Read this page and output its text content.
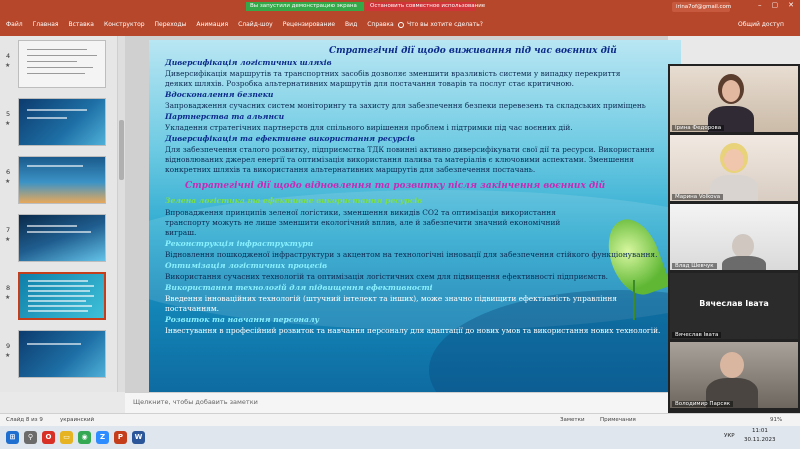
Вы запустили демонстрацию экрана	Остановить совместное использование	irina7of@gmail.com	– ▢ ✕
Файл Главная Вставка Конструктор Переходы Анимация Слайд-шоу Рецензирование Вид Справка Что вы хотите сделать?	Общий доступ
4
★
5
★
6
★
7
★
8
★
9
★
Стратегічні дії щодо виживання під час воєнних дій
Диверсифікація логістичних шляхів
Диверсифікація маршрутів та транспортних засобів дозволяє зменшити вразливість системи у випадку перекриття
деяких шляхів. Розробка альтернативних маршрутів для постачання товарів та послуг стає критичною.
Вдосконалення безпеки
Запровадження сучасних систем моніторингу та захисту для забезпечення безпеки перевезень та складських приміщень
Партнерства та альянси
Укладення стратегічних партнерств для спільного вирішення проблем і підтримки під час воєнних дій.
Диверсифікація та ефективне використання ресурсів
Для забезпечення сталого розвитку, підприємства ТДК повинні активно диверсифікувати свої дії та ресурси. Використання
відновлюваних джерел енергії та оптимізація використання палива та матеріалів є ключовими аспектами. Зменшення
конкретних шляхів та використання альтернативних маршрутів для забезпечення постачань.
Стратегічні дії щодо відновлення та розвитку після закінчення воєнних дій
Зелена логістика та ефективне використання ресурсів
Впровадження принципів зеленої логістики, зменшення викидів CO2 та оптимізація використання
транспорту можуть не лише зменшити екологічний вплив, але й забезпечити значний економічний
виграш.
Реконструкція інфраструктури
Відновлення пошкодженої інфраструктури з акцентом на технологічні інновації для забезпечення стійкого функціонування.
Оптимізація логістичних процесів
Використання сучасних технологій та оптимізація логістичних схем для підвищення ефективності підприємств.
Використання технологій для підвищення ефективності
Введення інноваційних технологій (штучний інтелект та інших), може значно підвищити ефективність управління
постачанням.
Розвиток та навчання персоналу
Інвестування в професійний розвиток та навчання персоналу для адаптації до нових умов та використання нових технологій.
Щелкните, чтобы добавить заметки
Ірина Федорова
Марина Volkova
Влад Шевчук
Вячеслав Івата
Вячеслав Івата
Володимир Парсяк
Слайд 8 из 9	украинский	Заметки	Примечания	91%
⊞	⚲	O	▭	◉	Z	P	W
11:01
30.11.2023
УКР
